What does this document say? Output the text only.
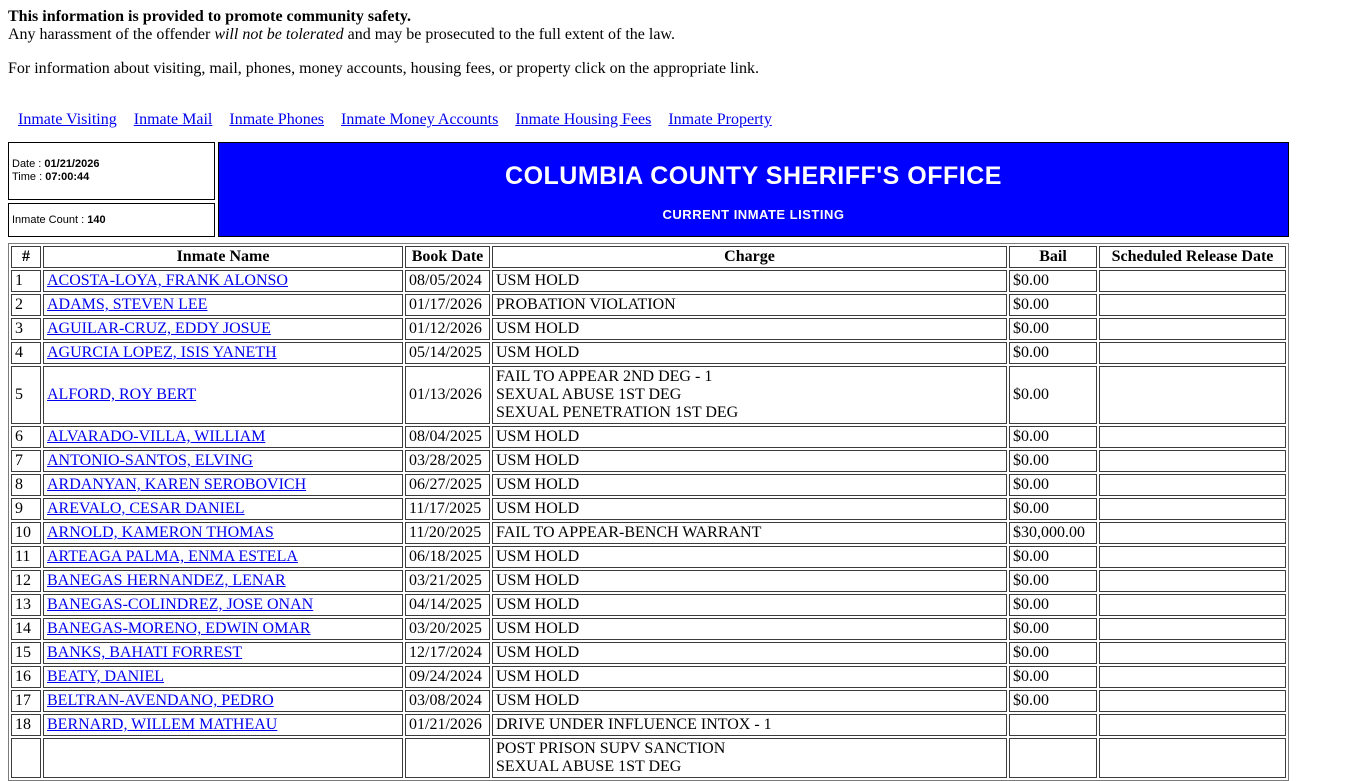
This information is provided to promote community safety.
Any harassment of the offender will not be tolerated and may be prosecuted to the full extent of the law.
For information about visiting, mail, phones, money accounts, housing fees, or property click on the appropriate link.
Inmate Visiting Inmate Mail Inmate Phones Inmate Money Accounts Inmate Housing Fees Inmate Property
Date : 01/21/2026
Time : 07:00:44
Inmate Count : 140
COLUMBIA COUNTY SHERIFF'S OFFICE
CURRENT INMATE LISTING
#	Inmate Name	Book Date	Charge	Bail	Scheduled Release Date
1	ACOSTA-LOYA, FRANK ALONSO	08/05/2024	USM HOLD	$0.00	
2	ADAMS, STEVEN LEE	01/17/2026	PROBATION VIOLATION	$0.00	
3	AGUILAR-CRUZ, EDDY JOSUE	01/12/2026	USM HOLD	$0.00	
4	AGURCIA LOPEZ, ISIS YANETH	05/14/2025	USM HOLD	$0.00	
5	ALFORD, ROY BERT	01/13/2026	FAIL TO APPEAR 2ND DEG - 1
SEXUAL ABUSE 1ST DEG
SEXUAL PENETRATION 1ST DEG	$0.00	
6	ALVARADO-VILLA, WILLIAM	08/04/2025	USM HOLD	$0.00	
7	ANTONIO-SANTOS, ELVING	03/28/2025	USM HOLD	$0.00	
8	ARDANYAN, KAREN SEROBOVICH	06/27/2025	USM HOLD	$0.00	
9	AREVALO, CESAR DANIEL	11/17/2025	USM HOLD	$0.00	
10	ARNOLD, KAMERON THOMAS	11/20/2025	FAIL TO APPEAR-BENCH WARRANT	$30,000.00	
11	ARTEAGA PALMA, ENMA ESTELA	06/18/2025	USM HOLD	$0.00	
12	BANEGAS HERNANDEZ, LENAR	03/21/2025	USM HOLD	$0.00	
13	BANEGAS-COLINDREZ, JOSE ONAN	04/14/2025	USM HOLD	$0.00	
14	BANEGAS-MORENO, EDWIN OMAR	03/20/2025	USM HOLD	$0.00	
15	BANKS, BAHATI FORREST	12/17/2024	USM HOLD	$0.00	
16	BEATY, DANIEL	09/24/2024	USM HOLD	$0.00	
17	BELTRAN-AVENDANO, PEDRO	03/08/2024	USM HOLD	$0.00	
18	BERNARD, WILLEM MATHEAU	01/21/2026	DRIVE UNDER INFLUENCE INTOX - 1		

			POST PRISON SUPV SANCTION
SEXUAL ABUSE 1ST DEG		
